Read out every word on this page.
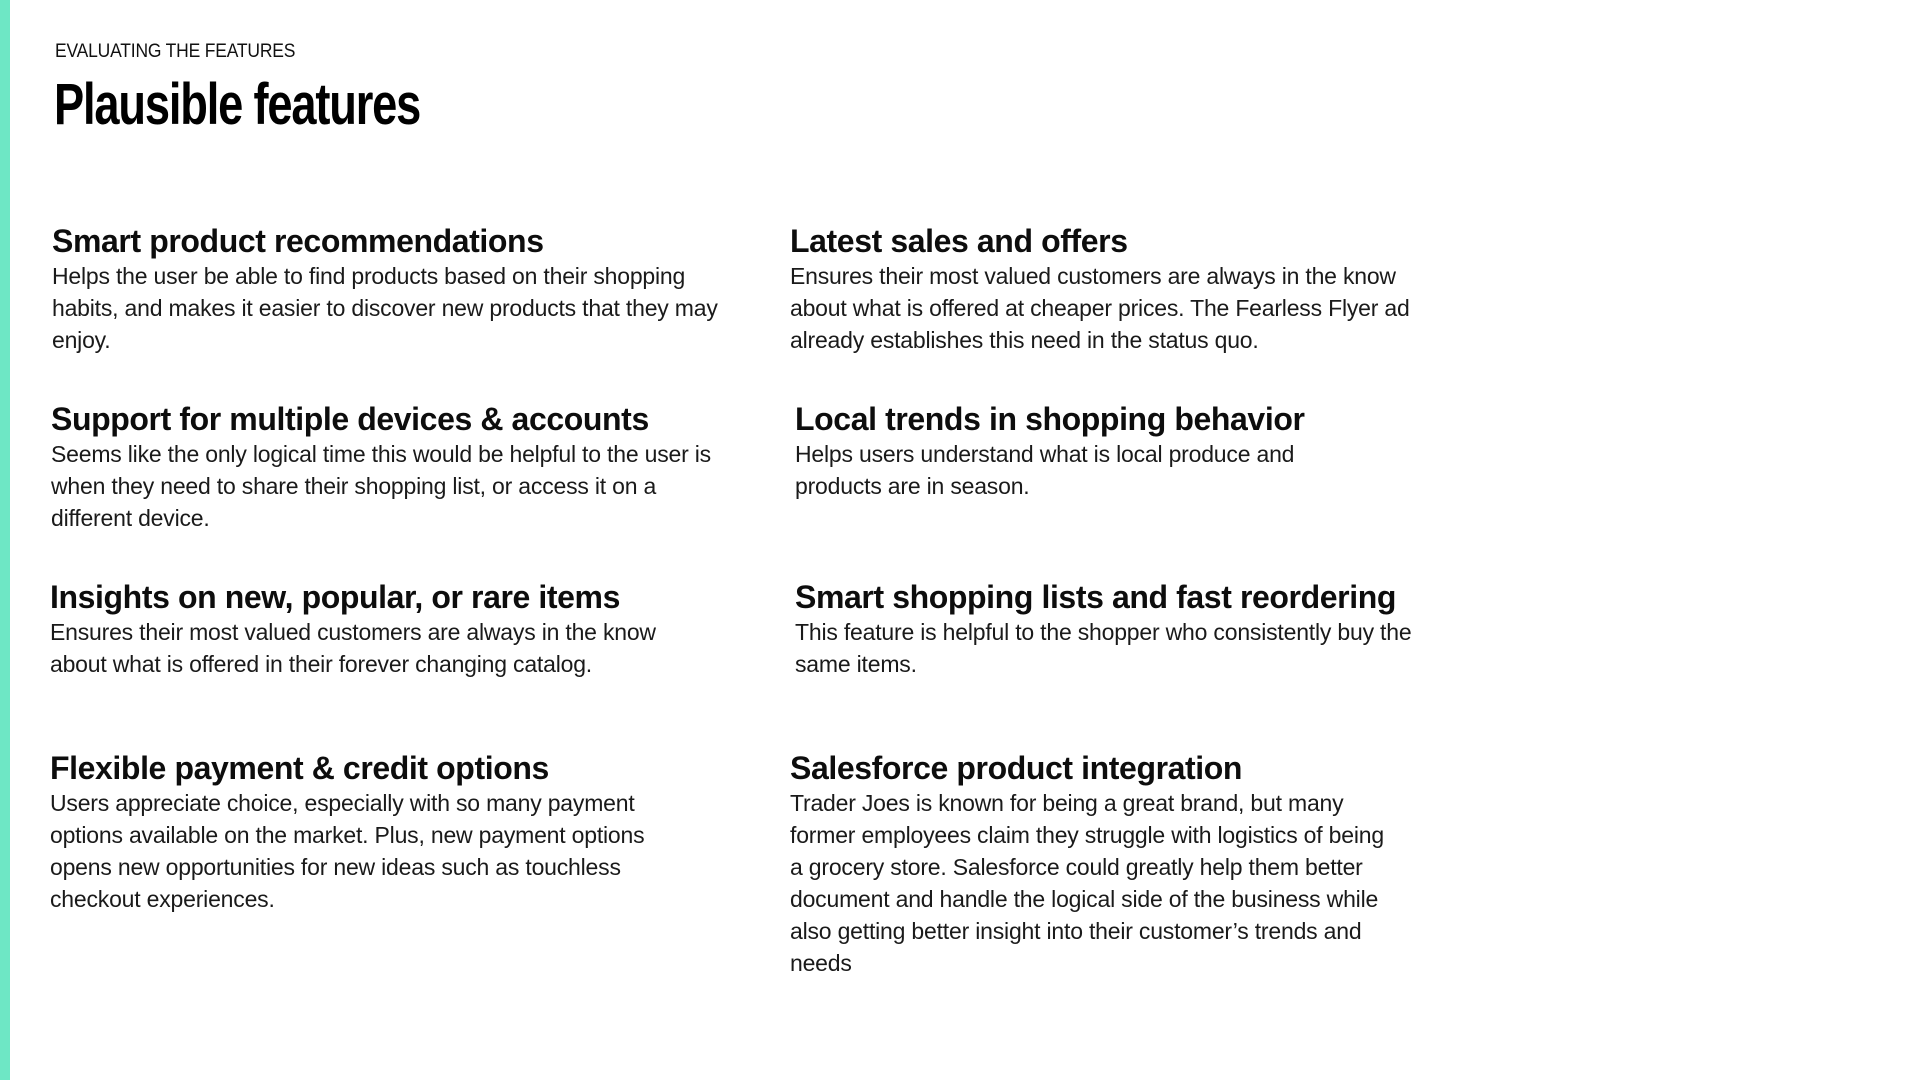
EVALUATING THE FEATURES
Plausible features
Smart product recommendations

Helps the user be able to find products based on their shopping habits, and makes it easier to discover new products that they may enjoy.

Latest sales and offers

Ensures their most valued customers are always in the know about what is offered at cheaper prices. The Fearless Flyer ad already establishes this need in the status quo.

Support for multiple devices & accounts

Seems like the only logical time this would be helpful to the user is when they need to share their shopping list, or access it on a different device.

Local trends in shopping behavior

Helps users understand what is local produce and products are in season.

Insights on new, popular, or rare items

Ensures their most valued customers are always in the know about what is offered in their forever changing catalog.

Smart shopping lists and fast reordering

This feature is helpful to the shopper who consistently buy the same items.

Flexible payment & credit options

Users appreciate choice, especially with so many payment options available on the market. Plus, new payment options opens new opportunities for new ideas such as touchless checkout experiences.

Salesforce product integration

Trader Joes is known for being a great brand, but many former employees claim they struggle with logistics of being a grocery store. Salesforce could greatly help them better document and handle the logical side of the business while also getting better insight into their customer’s trends and needs
